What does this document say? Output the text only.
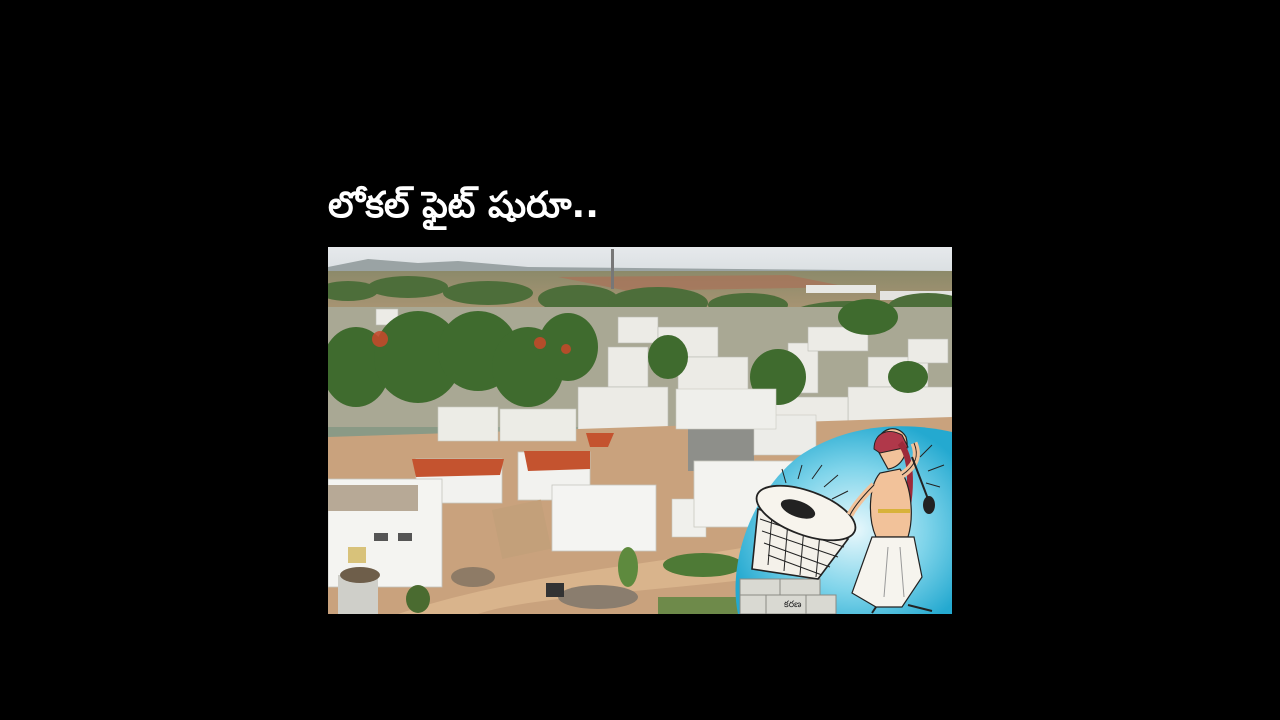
లోకల్ ఫైట్ షురూ..
కరణ
